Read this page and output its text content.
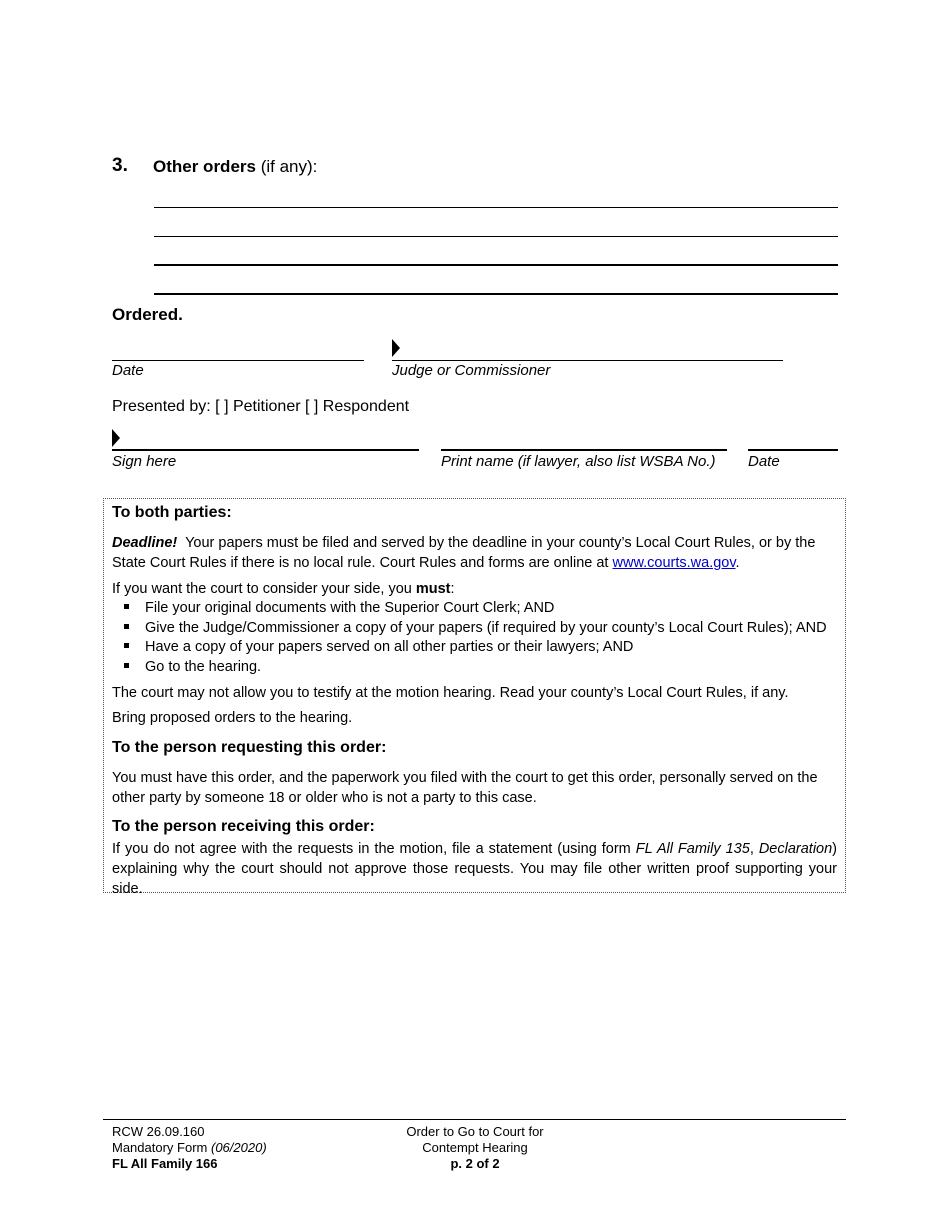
3. Other orders (if any):
Ordered.
Date	Judge or Commissioner
Presented by: [ ] Petitioner [ ] Respondent
Sign here	Print name (if lawyer, also list WSBA No.) Date
To both parties:

Deadline! Your papers must be filed and served by the deadline in your county’s Local Court Rules, or by the State Court Rules if there is no local rule. Court Rules and forms are online at www.courts.wa.gov.

If you want the court to consider your side, you must:

File your original documents with the Superior Court Clerk; AND
Give the Judge/Commissioner a copy of your papers (if required by your county’s Local Court Rules); AND
Have a copy of your papers served on all other parties or their lawyers; AND
Go to the hearing.

The court may not allow you to testify at the motion hearing. Read your county’s Local Court Rules, if any.

Bring proposed orders to the hearing.

To the person requesting this order:

You must have this order, and the paperwork you filed with the court to get this order, personally served on the other party by someone 18 or older who is not a party to this case.

To the person receiving this order:

If you do not agree with the requests in the motion, file a statement (using form FL All Family 135, Declaration) explaining why the court should not approve those requests. You may file other written proof supporting your side.

RCW 26.09.160
Mandatory Form (06/2020)
FL All Family 166
Order to Go to Court for
Contempt Hearing
p. 2 of 2
